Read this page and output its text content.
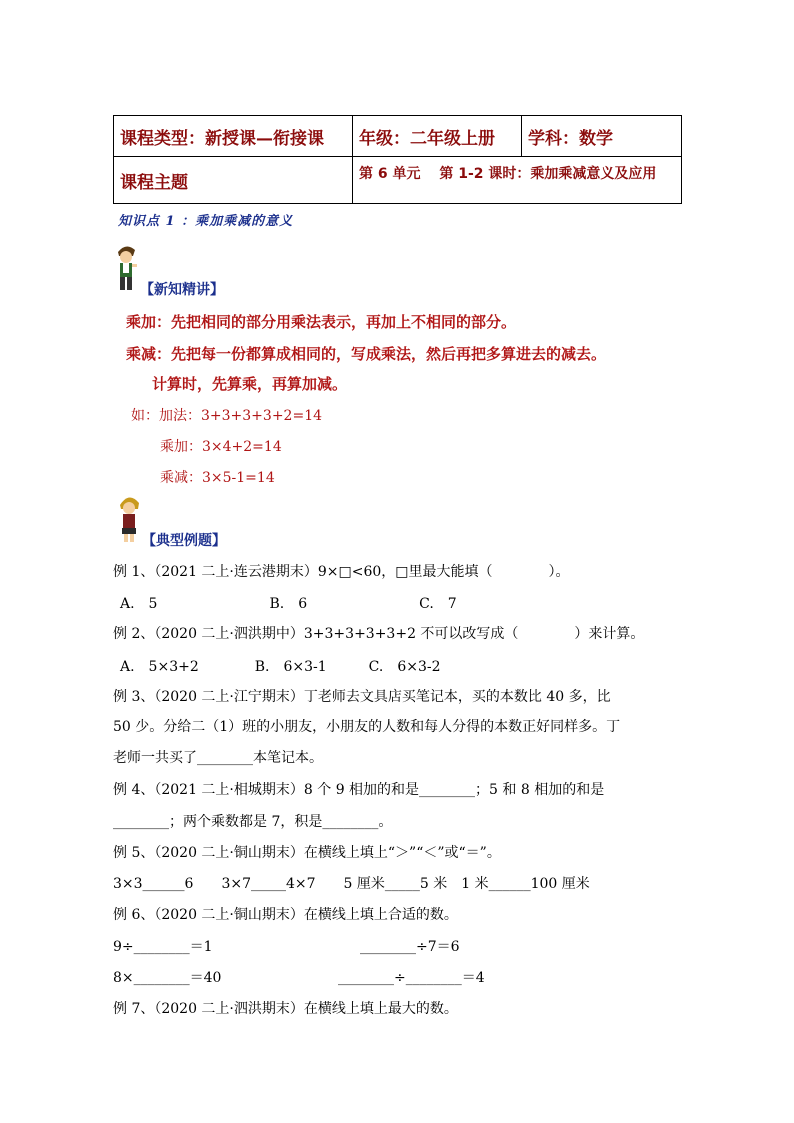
课程类型：新授课—衔接课	年级：二年级上册	学科：数学
课程主题	第 6 单元　 第 1-2 课时：乘加乘减意义及应用	
知识点 1 ：乘加乘减的意义
【新知精讲】
乘加：先把相同的部分用乘法表示，再加上不相同的部分。
乘减：先把每一份都算成相同的，写成乘法，然后再把多算进去的减去。
计算时，先算乘，再算加减。
如：加法：3+3+3+3+2=14
乘加：3×4+2=14
乘减：3×5-1=14
【典型例题】
例 1、（2021 二上·连云港期末）9×□<60，□里最大能填（　　　　）。
A.　5　　　　　　　　B.　6　　　　　　　　C.　7
例 2、（2020 二上·泗洪期中）3+3+3+3+3+2 不可以改写成（　　　　）来计算。
A.　5×3+2　　　　B.　6×3-1　　　C.　6×3-2
例 3、（2020 二上·江宁期末）丁老师去文具店买笔记本，买的本数比 40 多，比
50 少。分给二（1）班的小朋友，小朋友的人数和每人分得的本数正好同样多。丁
老师一共买了________本笔记本。
例 4、（2021 二上·相城期末）8 个 9 相加的和是________；5 和 8 相加的和是
________；两个乘数都是 7，积是________。
例 5、（2020 二上·铜山期末）在横线上填上“＞”“＜”或“＝”。
3×3______6　　3×7_____4×7　　5 厘米_____5 米　1 米______100 厘米
例 6、（2020 二上·铜山期末）在横线上填上合适的数。
9÷________＝1	________÷7＝6
8×________＝40	________÷________＝4
例 7、（2020 二上·泗洪期末）在横线上填上最大的数。
